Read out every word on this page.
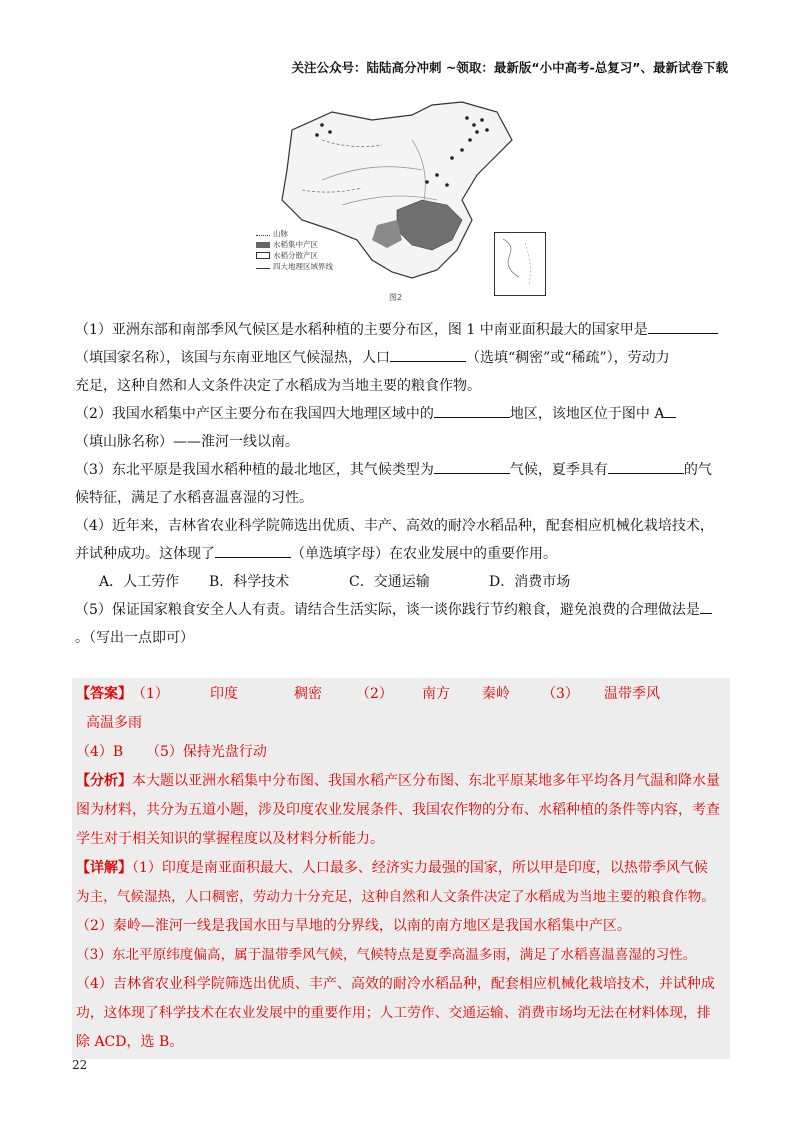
关注公众号：陆陆高分冲刺 ~领取：最新版“小中高考-总复习”、最新试卷下载
山脉
水稻集中产区
水稻分散产区
四大地理区域界线
图2

（1）亚洲东部和南部季风气候区是水稻种植的主要分布区，图 1 中南亚面积最大的国家甲是

（填国家名称），该国与东南亚地区气候湿热，人口	（选填“稠密”或“稀疏”），劳动力

充足，这种自然和人文条件决定了水稻成为当地主要的粮食作物。

（2）我国水稻集中产区主要分布在我国四大地理区域中的	地区，该地区位于图中 A

（填山脉名称）——淮河一线以南。

（3）东北平原是我国水稻种植的最北地区，其气候类型为	气候，夏季具有	的气

候特征，满足了水稻喜温喜湿的习性。

（4）近年来，吉林省农业科学院筛选出优质、丰产、高效的耐冷水稻品种，配套相应机械化栽培技术，

并试种成功。这体现了	（单选填字母）在农业发展中的重要作用。

A．人工劳作	B．科学技术	C．交通运输	D．消费市场

（5）保证国家粮食安全人人有责。请结合生活实际，谈一谈你践行节约粮食，避免浪费的合理做法是

。（写出一点即可）

【答案】（1）	印度	稠密 （2） 南方 秦岭 （3） 温带季风高温多雨
（4）B （5）保持光盘行动
【分析】本大题以亚洲水稻集中分布图、我国水稻产区分布图、东北平原某地多年平均各月气温和降水量
图为材料，共分为五道小题，涉及印度农业发展条件、我国农作物的分布、水稻种植的条件等内容，考查
学生对于相关知识的掌握程度以及材料分析能力。
【详解】（1）印度是南亚面积最大、人口最多、经济实力最强的国家，所以甲是印度，以热带季风气候
为主，气候湿热，人口稠密，劳动力十分充足，这种自然和人文条件决定了水稻成为当地主要的粮食作物。
（2）秦岭—淮河一线是我国水田与旱地的分界线，以南的南方地区是我国水稻集中产区。
（3）东北平原纬度偏高，属于温带季风气候，气候特点是夏季高温多雨，满足了水稻喜温喜湿的习性。
（4）吉林省农业科学院筛选出优质、丰产、高效的耐冷水稻品种，配套相应机械化栽培技术，并试种成
功，这体现了科学技术在农业发展中的重要作用；人工劳作、交通运输、消费市场均无法在材料体现，排
除 ACD，选 B。
22
